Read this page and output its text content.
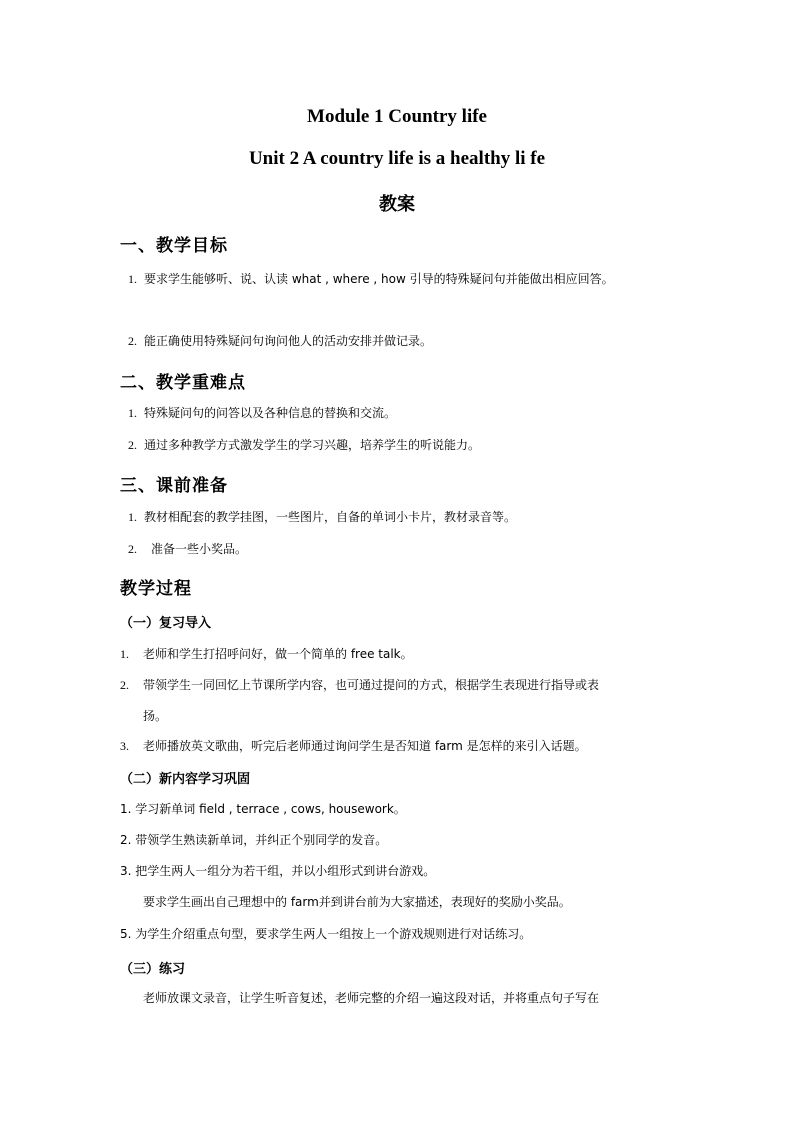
Module 1 Country life
Unit 2 A country life is a healthy li fe
教案
一、教学目标
1. 要求学生能够听、说、认读 what , where , how 引导的特殊疑问句并能做出相应回答。
2. 能正确使用特殊疑问句询问他人的活动安排并做记录。
二、教学重难点
1. 特殊疑问句的问答以及各种信息的替换和交流。
2. 通过多种教学方式激发学生的学习兴趣，培养学生的听说能力。
三、课前准备
1. 教材相配套的教学挂图，一些图片，自备的单词小卡片，教材录音等。
2. 准备一些小奖品。
教学过程
（一）复习导入
1. 老师和学生打招呼问好，做一个简单的 free talk。
2. 带领学生一同回忆上节课所学内容，也可通过提问的方式，根据学生表现进行指导或表
扬。
3. 老师播放英文歌曲，听完后老师通过询问学生是否知道 farm 是怎样的来引入话题。
（二）新内容学习巩固
1. 学习新单词 field , terrace , cows, housework。
2. 带领学生熟读新单词，并纠正个别同学的发音。
3. 把学生两人一组分为若干组，并以小组形式到讲台游戏。
要求学生画出自己理想中的 farm并到讲台前为大家描述，表现好的奖励小奖品。
5. 为学生介绍重点句型，要求学生两人一组按上一个游戏规则进行对话练习。
（三）练习
老师放课文录音，让学生听音复述，老师完整的介绍一遍这段对话，并将重点句子写在
